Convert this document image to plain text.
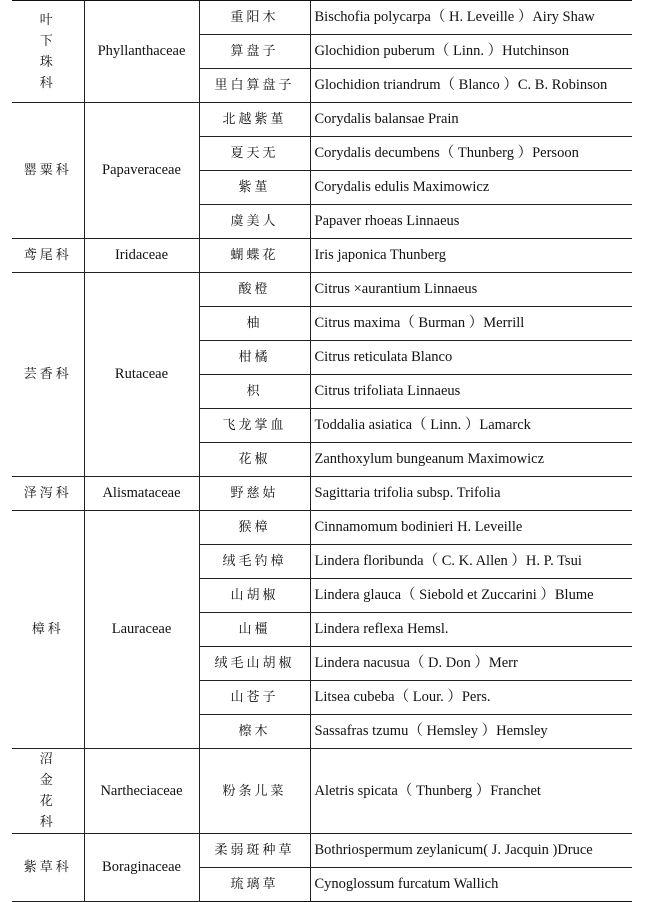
叶下珠科	Phyllanthaceae	重阳木	Bischofia polycarpa（ H. Leveille ）Airy Shaw
		算盘子	Glochidion puberum（ Linn. ）Hutchinson
		里白算盘子	Glochidion triandrum（ Blanco ）C. B. Robinson
罂粟科	Papaveraceae	北越紫堇	Corydalis balansae Prain
		夏天无	Corydalis decumbens（ Thunberg ）Persoon
		紫堇	Corydalis edulis Maximowicz
		虞美人	Papaver rhoeas Linnaeus
鸢尾科	Iridaceae	蝴蝶花	Iris japonica Thunberg
芸香科	Rutaceae	酸橙	Citrus ×aurantium Linnaeus
		柚	Citrus maxima（ Burman ）Merrill
		柑橘	Citrus reticulata Blanco
		枳	Citrus trifoliata Linnaeus
		飞龙掌血	Toddalia asiatica（ Linn. ）Lamarck
		花椒	Zanthoxylum bungeanum Maximowicz
泽泻科	Alismataceae	野慈姑	Sagittaria trifolia subsp. Trifolia
樟科	Lauraceae	猴樟	Cinnamomum bodinieri H. Leveille
		绒毛钓樟	Lindera floribunda（ C. K. Allen ）H. P. Tsui
		山胡椒	Lindera glauca（ Siebold et Zuccarini ）Blume
		山橿	Lindera reflexa Hemsl.
		绒毛山胡椒	Lindera nacusua（ D. Don ）Merr
		山苍子	Litsea cubeba（ Lour. ）Pers.
		檫木	Sassafras tzumu（ Hemsley ）Hemsley
沼金花科	Nartheciaceae	粉条儿菜	Aletris spicata（ Thunberg ）Franchet
紫草科	Boraginaceae	柔弱斑种草	Bothriospermum zeylanicum( J. Jacquin )Druce
		琉璃草	Cynoglossum furcatum Wallich
